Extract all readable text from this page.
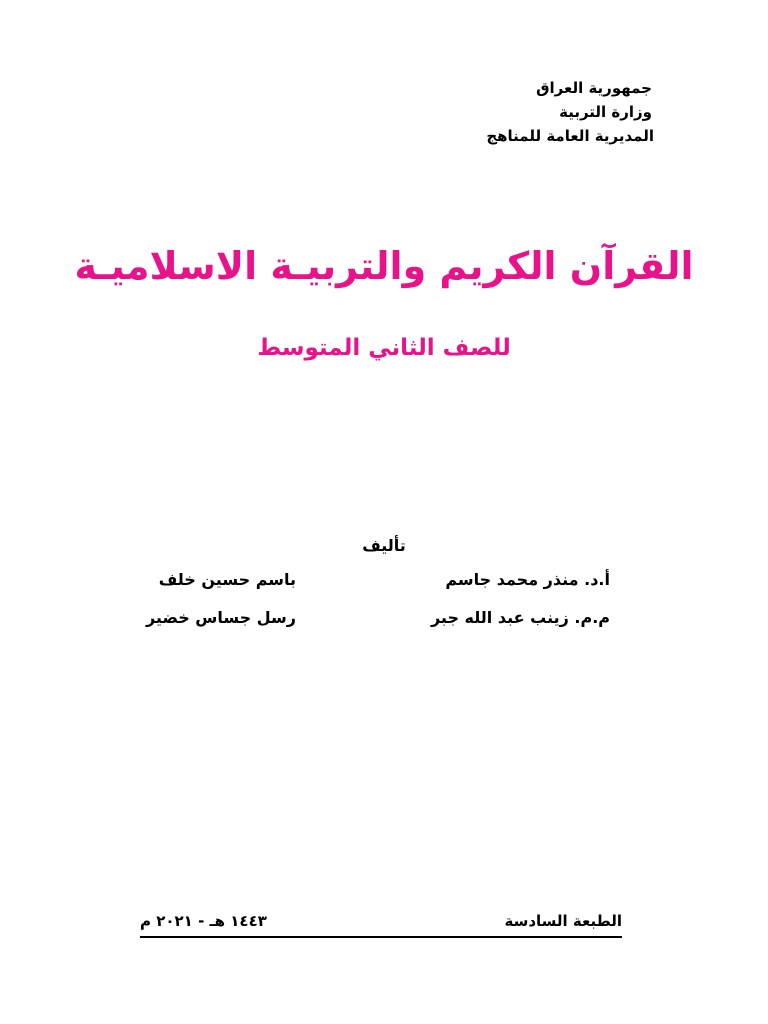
جمهورية العراق
وزارة التربية
المديرية العامة للمناهج
القرآن الكريم والتربيـة الاسلاميـة
للصف الثاني المتوسط
تأليف
أ.د. منذر محمد جاسم
باسم حسين خلف
م.م. زينب عبد الله جبر
رسل جساس خضير
الطبعة السادسة
١٤٤٣ هـ - ٢٠٢١ م
